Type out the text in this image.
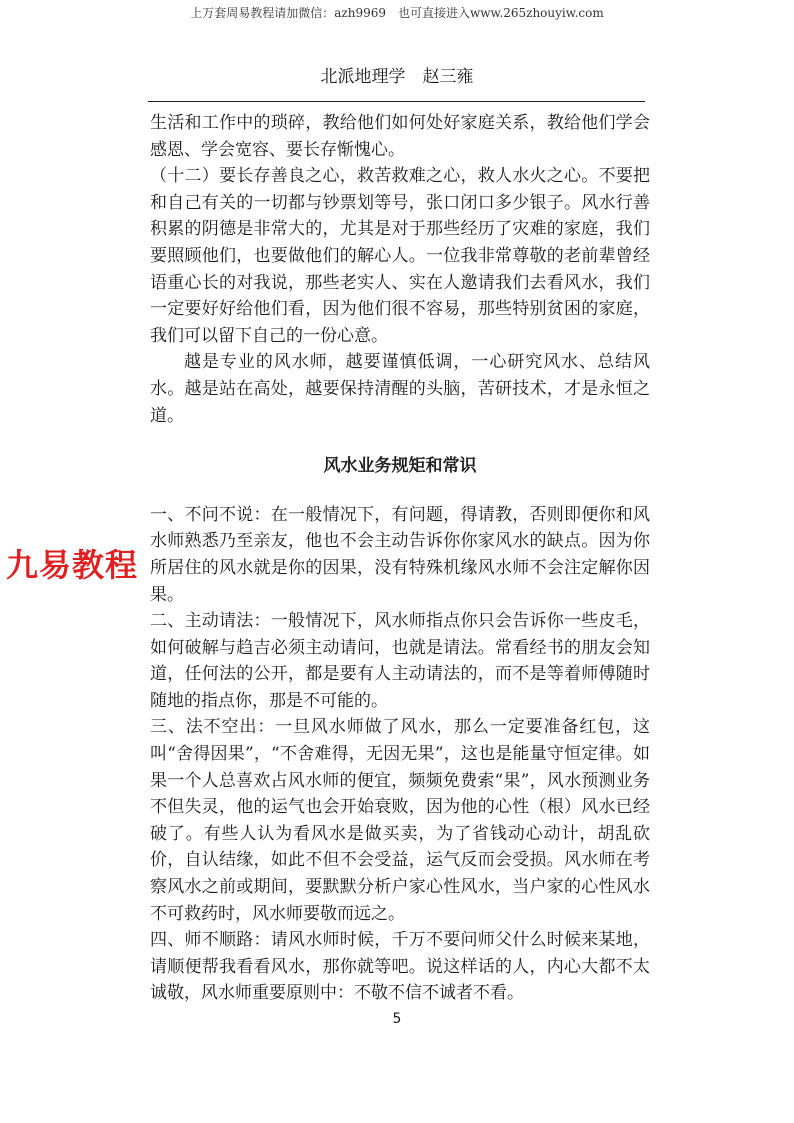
上万套周易教程请加微信：azh9969　也可直接进入www.265zhouyiw.com
北派地理学　赵三雍

生活和工作中的琐碎，教给他们如何处好家庭关系，教给他们学会感恩、学会宽容、要长存惭愧心。

（十二）要长存善良之心，救苦救难之心，救人水火之心。不要把和自己有关的一切都与钞票划等号，张口闭口多少银子。风水行善积累的阴德是非常大的，尤其是对于那些经历了灾难的家庭，我们要照顾他们，也要做他们的解心人。一位我非常尊敬的老前辈曾经语重心长的对我说，那些老实人、实在人邀请我们去看风水，我们一定要好好给他们看，因为他们很不容易，那些特别贫困的家庭，我们可以留下自己的一份心意。

越是专业的风水师，越要谨慎低调，一心研究风水、总结风水。越是站在高处，越要保持清醒的头脑，苦研技术，才是永恒之道。

风水业务规矩和常识

一、不问不说：在一般情况下，有问题，得请教，否则即便你和风水师熟悉乃至亲友，他也不会主动告诉你你家风水的缺点。因为你所居住的风水就是你的因果，没有特殊机缘风水师不会注定解你因果。

二、主动请法：一般情况下，风水师指点你只会告诉你一些皮毛，如何破解与趋吉必须主动请问，也就是请法。常看经书的朋友会知道，任何法的公开，都是要有人主动请法的，而不是等着师傅随时随地的指点你，那是不可能的。

三、法不空出：一旦风水师做了风水，那么一定要准备红包，这叫“舍得因果”，“不舍难得，无因无果”，这也是能量守恒定律。如果一个人总喜欢占风水师的便宜，频频免费索“果”，风水预测业务不但失灵，他的运气也会开始衰败，因为他的心性（根）风水已经破了。有些人认为看风水是做买卖，为了省钱动心动计，胡乱砍价，自认结缘，如此不但不会受益，运气反而会受损。风水师在考察风水之前或期间，要默默分析户家心性风水，当户家的心性风水不可救药时，风水师要敬而远之。

四、师不顺路：请风水师时候，千万不要问师父什么时候来某地，请顺便帮我看看风水，那你就等吧。说这样话的人，内心大都不太诚敬，风水师重要原则中：不敬不信不诚者不看。

九易教程
5
